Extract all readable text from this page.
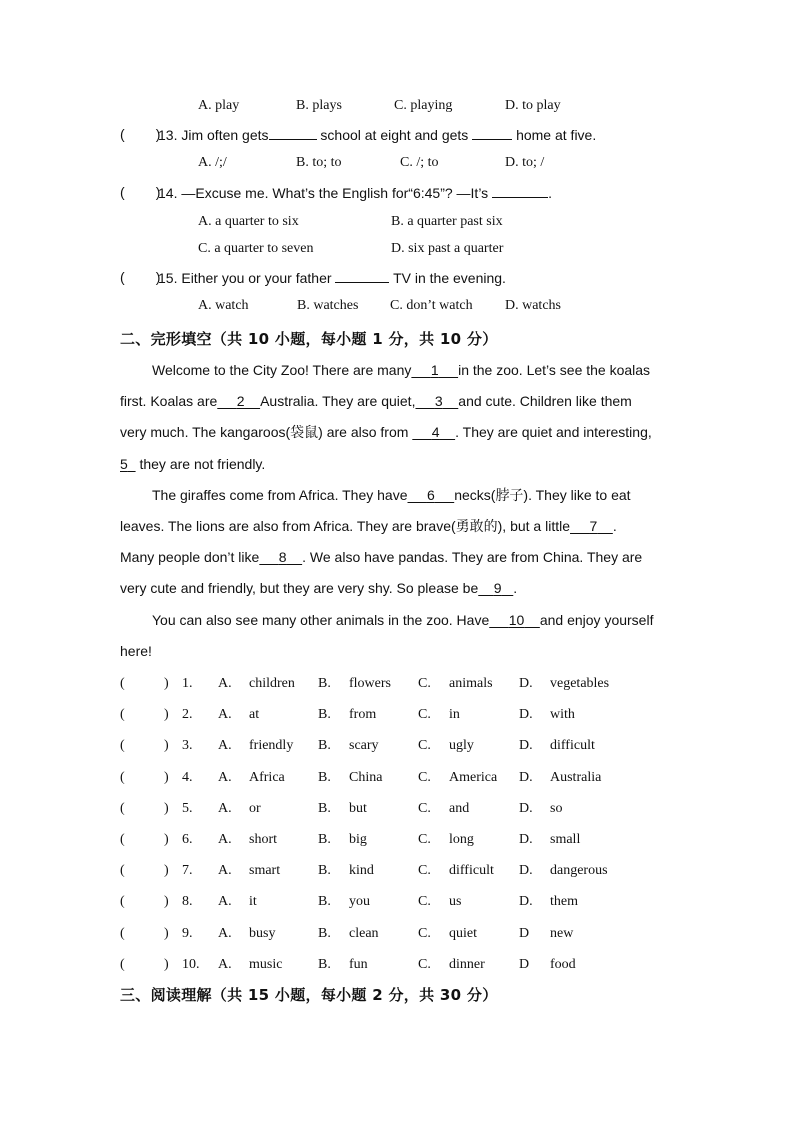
A. play	B. plays	C. playing	D. to play
(        )
13. Jim often gets	school at eight and gets	home at five.
A. /;/	B. to; to	C. /; to	D. to; /
(        )
14. —Excuse me. What’s the English for“6:45”? —It’s	.
A. a quarter to six	B. a quarter past six
C. a quarter to seven	D. six past a quarter
(        )
15. Either you or your father	TV in the evening.
A. watch	B. watches C. don’t watch D. watchs
二、完形填空（共 10 小题，每小题 1 分，共 10 分）
Welcome to the City Zoo! There are many 1 in the zoo. Let’s see the koalas
first. Koalas are 2 Australia. They are quiet, 3 and cute. Children like them
very much. The kangaroos(袋鼠) are also from      4 . They are quiet and interesting,
5   they are not friendly.
The giraffes come from Africa. They have 6 necks(脖子). They like to eat
leaves. The lions are also from Africa. They are brave(勇敢的), but a little 7 .
Many people don’t like 8 . We also have pandas. They are from China. They are
very cute and friendly, but they are very shy. So please be 9 .
You can also see many other animals in the zoo. Have 10 and enjoy yourself
here!
(	) 1. A. children B. flowers C. animals D. vegetables
(	) 2. A. at	B. from	C. in	D. with
(	) 3. A. friendly B. scary	C. ugly	D. difficult
(	) 4. A. Africa B. China	C. America D. Australia
(	) 5. A. or	B. but	C. and	D. so
(	) 6. A. short	B. big	C. long	D. small
(	) 7. A. smart	B. kind	C. difficult D. dangerous
(	) 8. A. it	B. you	C. us	D. them
(	) 9. A. busy	B. clean	C. quiet	D new
(	) 10. A. music	B. fun	C. dinner D food
三、阅读理解（共 15 小题，每小题 2 分，共 30 分）
